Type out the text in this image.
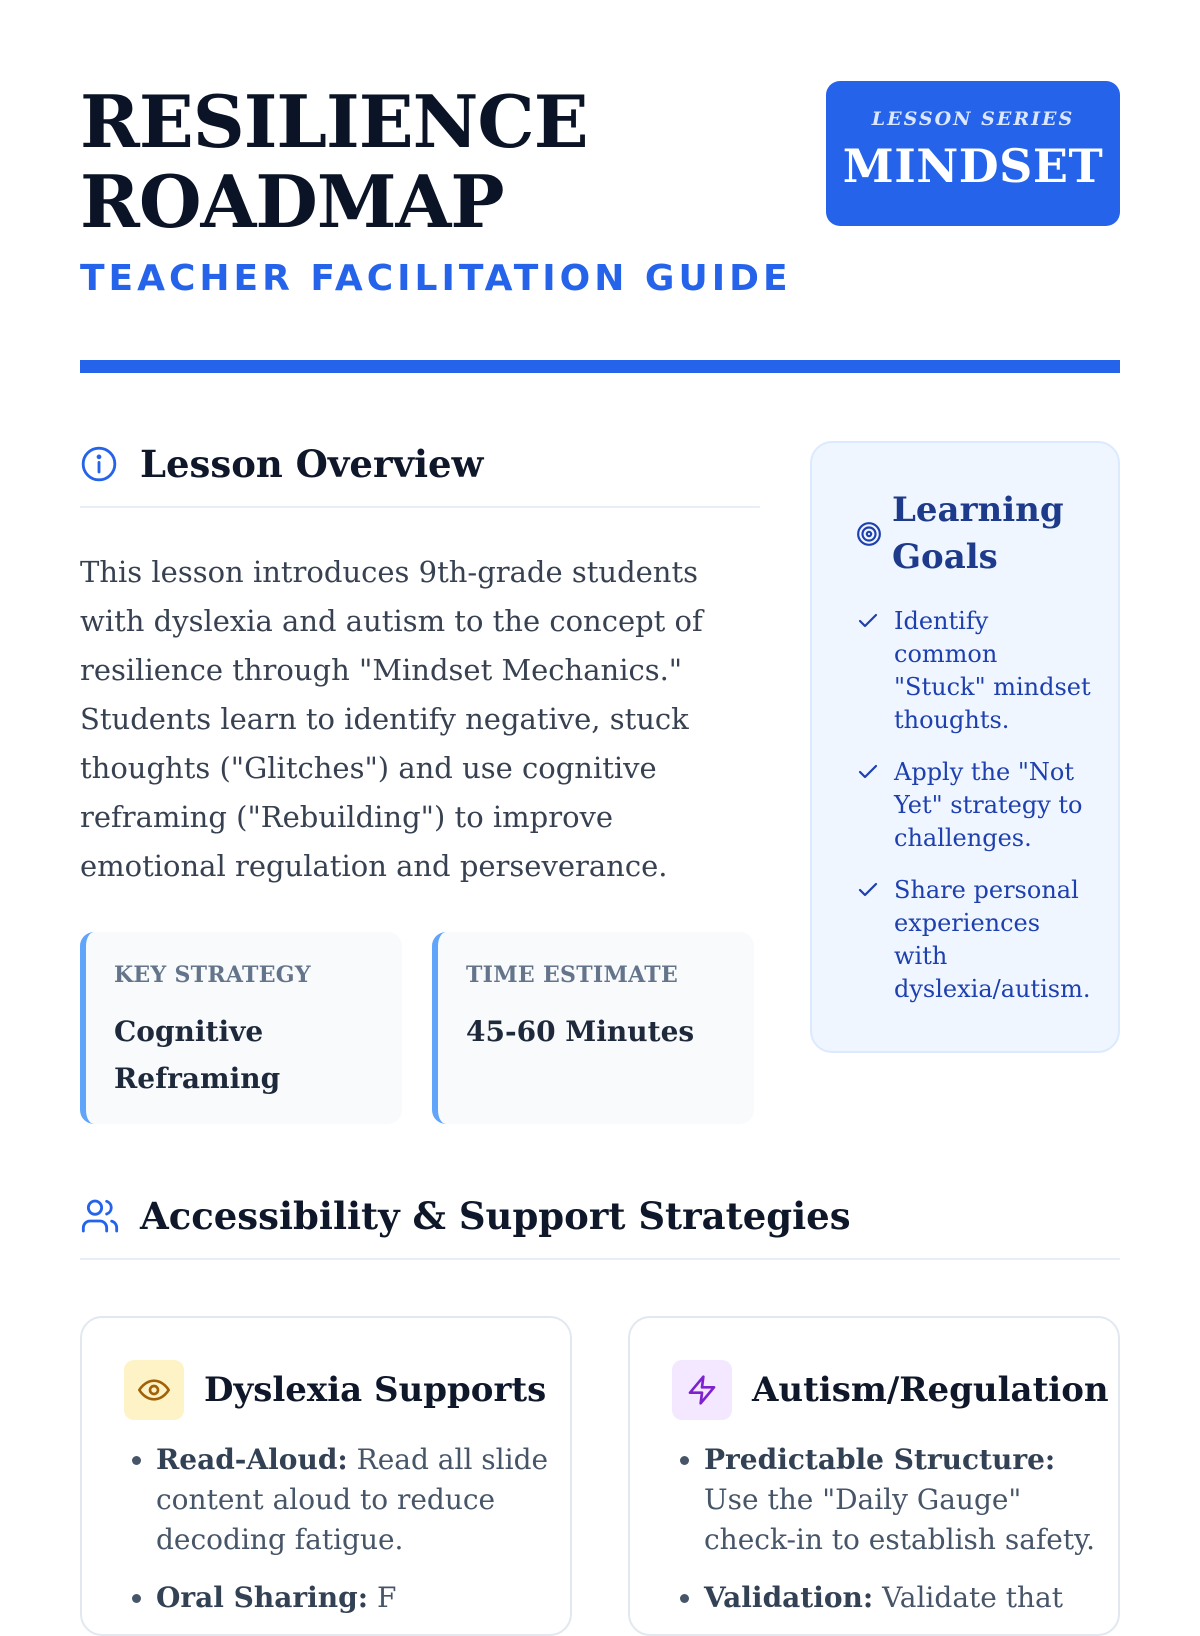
RESILIENCE
ROADMAP
TEACHER FACILITATION GUIDE
LESSON SERIES
MINDSET
Lesson Overview

This lesson introduces 9th-grade students with dyslexia and autism to the concept of resilience through "Mindset Mechanics." Students learn to identify negative, stuck thoughts ("Glitches") and use cognitive reframing ("Rebuilding") to improve emotional regulation and perseverance.

KEY STRATEGY
Cognitive Reframing
TIME ESTIMATE
45-60 Minutes
Learning Goals
Identify common "Stuck" mindset thoughts.
Apply the "Not Yet" strategy to challenges.
Share personal experiences with dyslexia/autism.
Accessibility & Support Strategies
Dyslexia Supports
• Read-Aloud: Read all slide content aloud to reduce decoding fatigue.
• Oral Sharing: F
Autism/Regulation
• Predictable Structure: Use the "Daily Gauge" check-in to establish safety.
• Validation: Validate that
